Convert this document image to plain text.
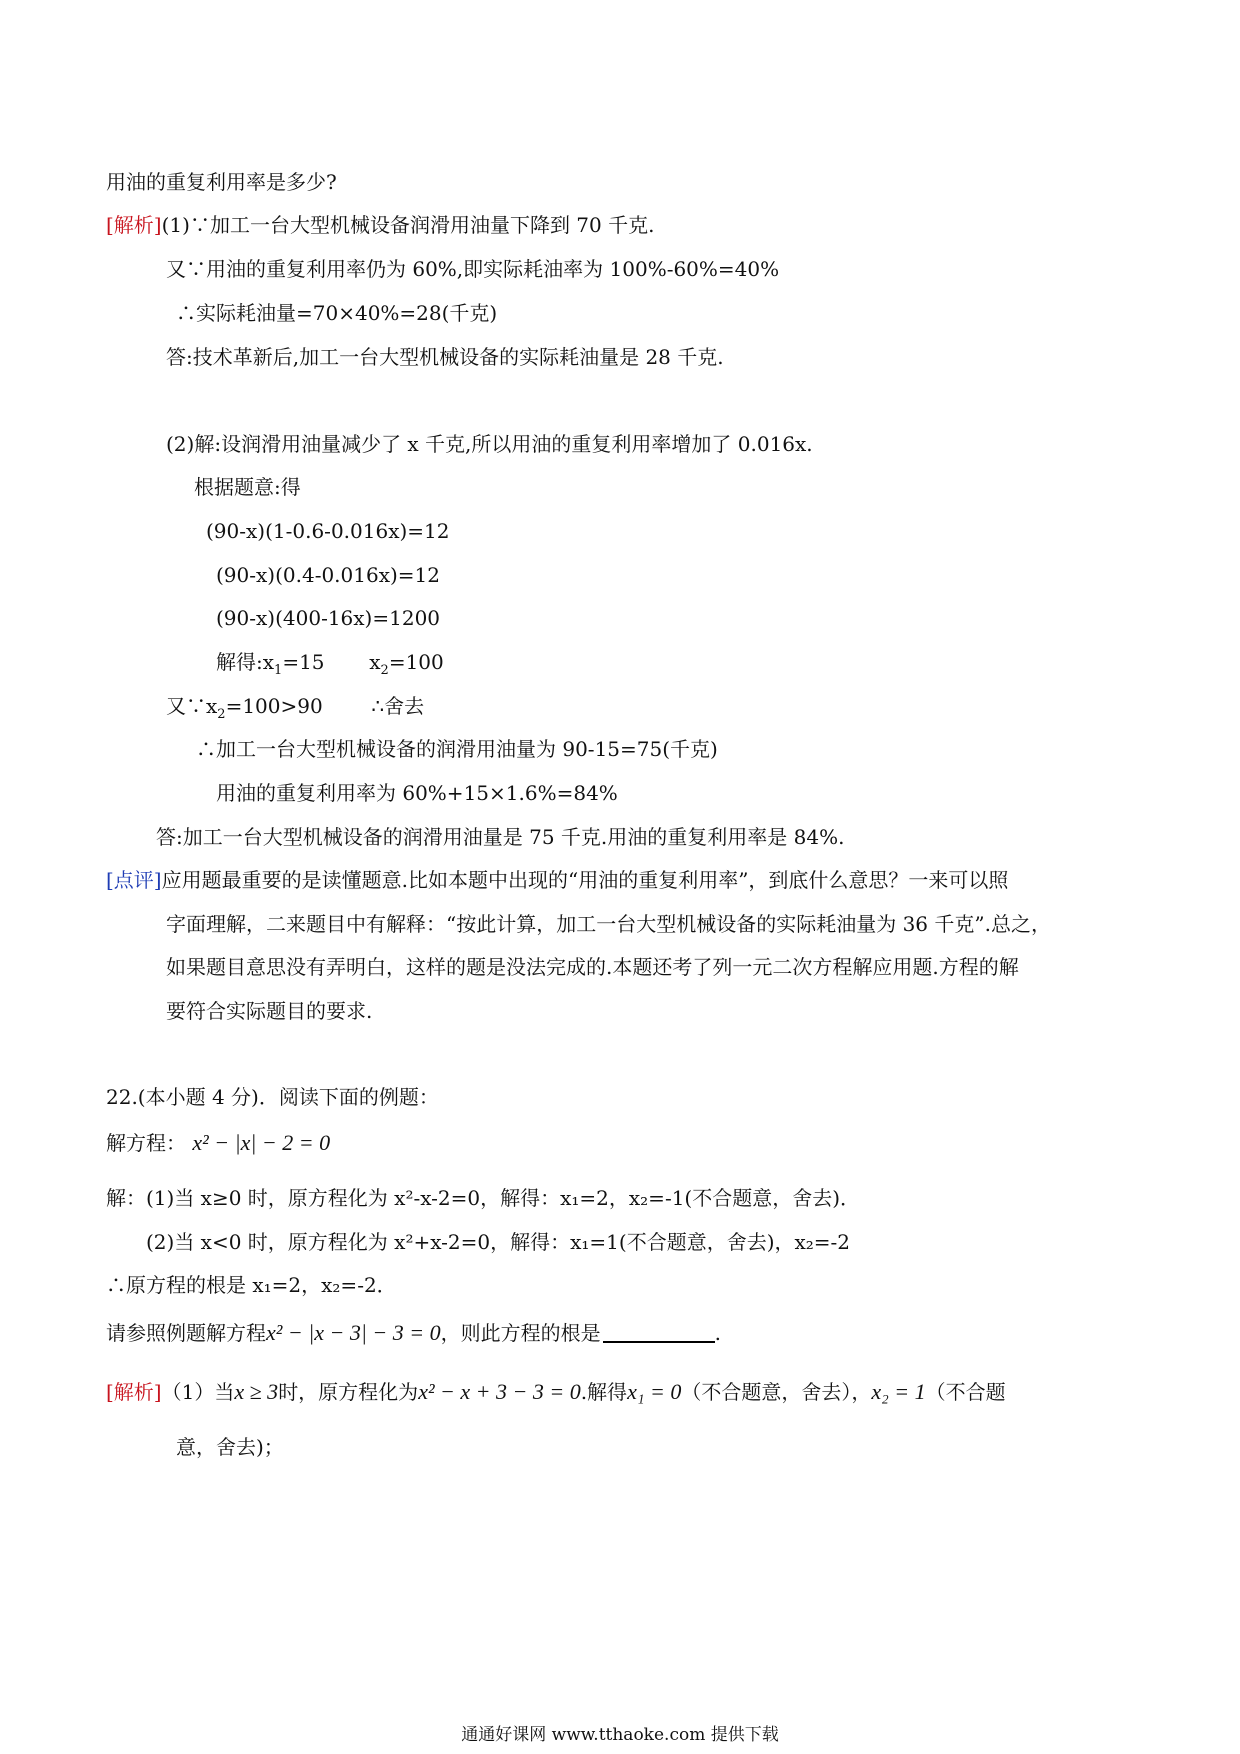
用油的重复利用率是多少?
[解析](1)∵加工一台大型机械设备润滑用油量下降到 70 千克.
又∵用油的重复利用率仍为 60%,即实际耗油率为 100%-60%=40%
∴实际耗油量=70×40%=28(千克)
答:技术革新后,加工一台大型机械设备的实际耗油量是 28 千克.
(2)解:设润滑用油量减少了 x 千克,所以用油的重复利用率增加了 0.016x.
根据题意:得
(90-x)(1-0.6-0.016x)=12
(90-x)(0.4-0.016x)=12
(90-x)(400-16x)=1200
解得$:x_1=15$ $x_2=100$
又$\because x_2=100>90$ ∴舍去
∴加工一台大型机械设备的润滑用油量为 90-15=75(千克)
用油的重复利用率为 60%+15×1.6%=84%
答:加工一台大型机械设备的润滑用油量是 75 千克.用油的重复利用率是 84%.
[点评]应用题最重要的是读懂题意.比如本题中出现的“用油的重复利用率”，到底什么意思？一来可以照
字面理解，二来题目中有解释：“按此计算，加工一台大型机械设备的实际耗油量为 36 千克”.总之，
如果题目意思没有弄明白，这样的题是没法完成的.本题还考了列一元二次方程解应用题.方程的解
要符合实际题目的要求.
22.(本小题 4 分)．阅读下面的例题：
解方程： x² − |x| − 2 = 0
解：(1)当 x≥0 时，原方程化为 x²-x-2=0，解得：x₁=2，x₂=-1(不合题意，舍去)．
(2)当 x<0 时，原方程化为 x²+x-2=0，解得：x₁=1(不合题意，舍去)，x₂=-2
∴原方程的根是 x₁=2，x₂=-2．
请参照例题解方程x² − |x − 3| − 3 = 0，则此方程的根是	.
[解析]（1）当x ≥ 3时，原方程化为x² − x + 3 − 3 = 0.解得x₁ = 0（不合题意，舍去），x₂ = 1（不合题
意，舍去)；
通通好课网 www.tthaoke.com 提供下载
